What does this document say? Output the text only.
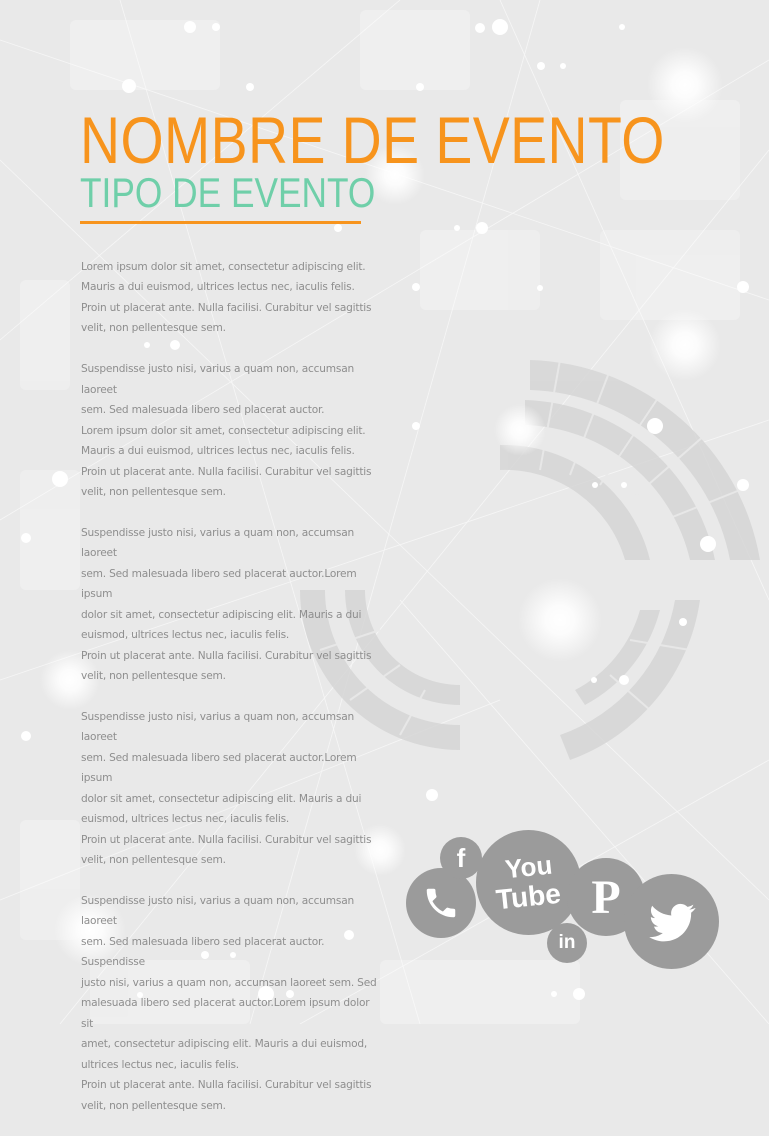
NOMBRE DE EVENTO
TIPO DE EVENTO

Lorem ipsum dolor sit amet, consectetur adipiscing elit.
Mauris a dui euismod, ultrices lectus nec, iaculis felis.
Proin ut placerat ante. Nulla facilisi. Curabitur vel sagittis
velit, non pellentesque sem.

Suspendisse justo nisi, varius a quam non, accumsan laoreet
sem. Sed malesuada libero sed placerat auctor.
Lorem ipsum dolor sit amet, consectetur adipiscing elit.
Mauris a dui euismod, ultrices lectus nec, iaculis felis.
Proin ut placerat ante. Nulla facilisi. Curabitur vel sagittis
velit, non pellentesque sem.

Suspendisse justo nisi, varius a quam non, accumsan laoreet
sem. Sed malesuada libero sed placerat auctor.Lorem ipsum
dolor sit amet, consectetur adipiscing elit. Mauris a dui
euismod, ultrices lectus nec, iaculis felis.
Proin ut placerat ante. Nulla facilisi. Curabitur vel sagittis
velit, non pellentesque sem.

Suspendisse justo nisi, varius a quam non, accumsan laoreet
sem. Sed malesuada libero sed placerat auctor.Lorem ipsum
dolor sit amet, consectetur adipiscing elit. Mauris a dui
euismod, ultrices lectus nec, iaculis felis.
Proin ut placerat ante. Nulla facilisi. Curabitur vel sagittis
velit, non pellentesque sem.

Suspendisse justo nisi, varius a quam non, accumsan laoreet
sem. Sed malesuada libero sed placerat auctor. Suspendisse
justo nisi, varius a quam non, accumsan laoreet sem. Sed
malesuada libero sed placerat auctor.Lorem ipsum dolor sit
amet, consectetur adipiscing elit. Mauris a dui euismod,
ultrices lectus nec, iaculis felis.
Proin ut placerat ante. Nulla facilisi. Curabitur vel sagittis
velit, non pellentesque sem.

f You
Tube
in
P
